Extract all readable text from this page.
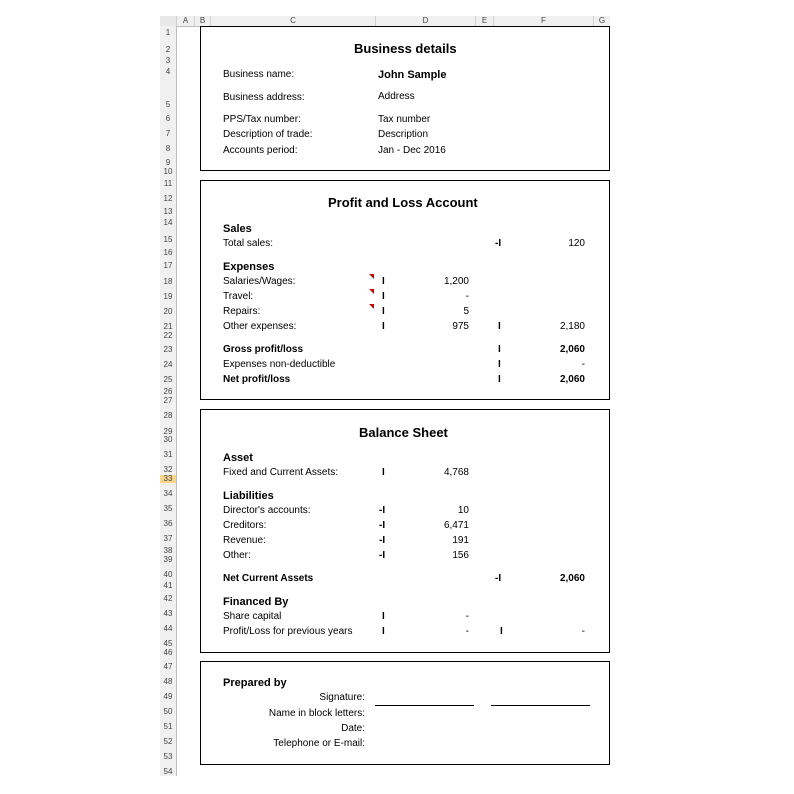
A	B	C	D	E	F	G
1
2
3
4
5
6
7
8
9
10
11
12
13
14
15
16
17
18
19
20
21
22
23
24
25
26
27
28
29
30
31
32
33
34
35
36
37
38
39
40
41
42
43
44
45
46
47
48
49
50
51
52
53
54
Business details
Business name:	John Sample
Business address:	Address
PPS/Tax number:	Tax number
Description of trade:	Description
Accounts period:	Jan - Dec 2016
Profit and Loss Account
Sales
Total sales:	-I	120
Expenses
Salaries/Wages:	I	1,200
Travel:	I	-
Repairs:	I	5
Other expenses:	I	975	I	2,180
Gross profit/loss	I	2,060
Expenses non-deductible	I	-
Net profit/loss	I	2,060
Balance Sheet
Asset
Fixed and Current Assets:	I	4,768
Liabilities
Director's accounts:	-I	10
Creditors:	-I	6,471
Revenue:	-I	191
Other:	-I	156
Net Current Assets	-I	2,060
Financed By
Share capital	I	-
Profit/Loss for previous years	I	-	I	-
Prepared by
Signature:
Name in block letters:
Date:
Telephone or E-mail:
